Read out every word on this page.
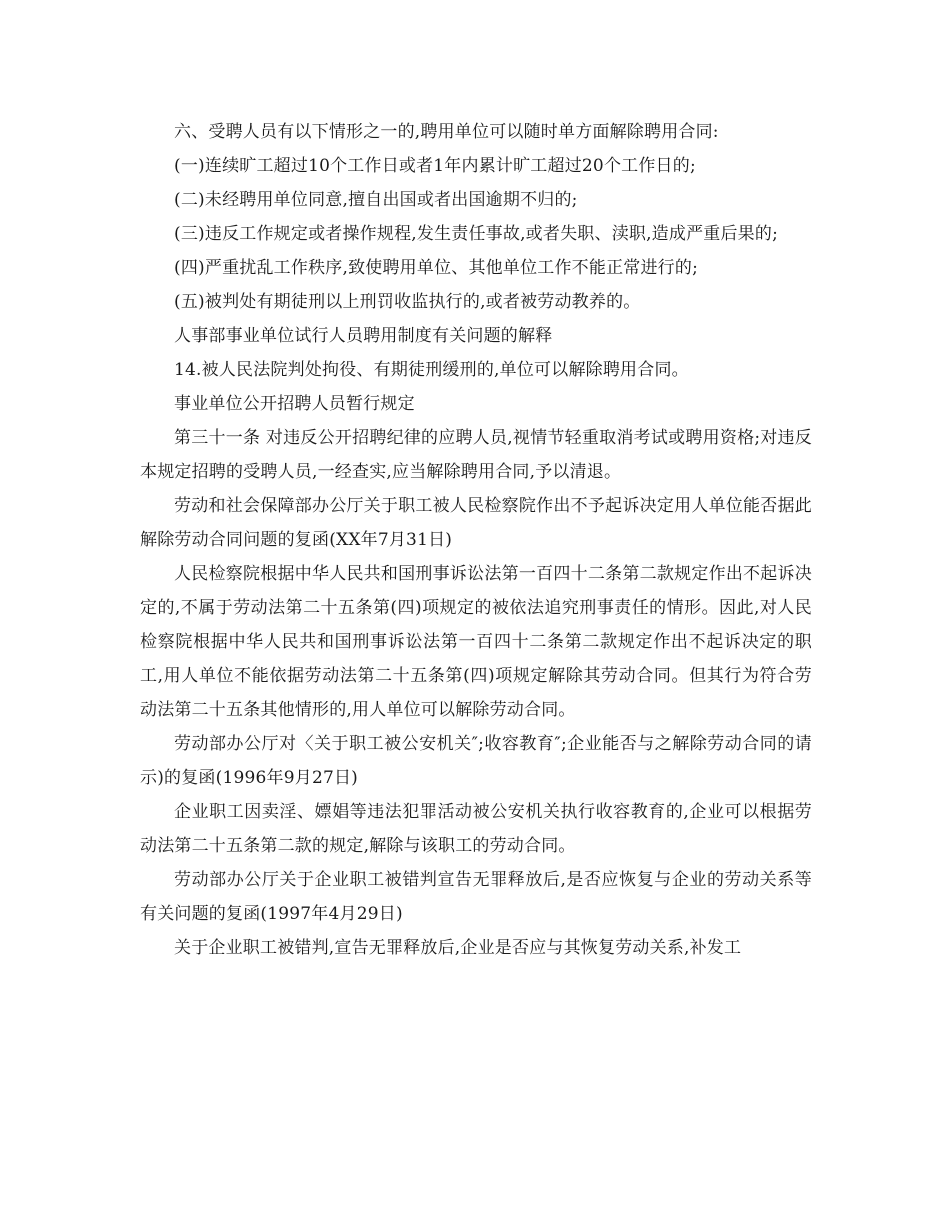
六、受聘人员有以下情形之一的,聘用单位可以随时单方面解除聘用合同:

(一)连续旷工超过10个工作日或者1年内累计旷工超过20个工作日的;

(二)未经聘用单位同意,擅自出国或者出国逾期不归的;

(三)违反工作规定或者操作规程,发生责任事故,或者失职、渎职,造成严重后果的;

(四)严重扰乱工作秩序,致使聘用单位、其他单位工作不能正常进行的;

(五)被判处有期徒刑以上刑罚收监执行的,或者被劳动教养的。

人事部事业单位试行人员聘用制度有关问题的解释

14.被人民法院判处拘役、有期徒刑缓刑的,单位可以解除聘用合同。

事业单位公开招聘人员暂行规定

第三十一条 对违反公开招聘纪律的应聘人员,视情节轻重取消考试或聘用资格;对违反本规定招聘的受聘人员,一经查实,应当解除聘用合同,予以清退。

劳动和社会保障部办公厅关于职工被人民检察院作出不予起诉决定用人单位能否据此解除劳动合同问题的复函(XX年7月31日)

人民检察院根据中华人民共和国刑事诉讼法第一百四十二条第二款规定作出不起诉决定的,不属于劳动法第二十五条第(四)项规定的被依法追究刑事责任的情形。因此,对人民检察院根据中华人民共和国刑事诉讼法第一百四十二条第二款规定作出不起诉决定的职工,用人单位不能依据劳动法第二十五条第(四)项规定解除其劳动合同。但其行为符合劳动法第二十五条其他情形的,用人单位可以解除劳动合同。

劳动部办公厅对〈关于职工被公安机关″;收容教育″;企业能否与之解除劳动合同的请示)的复函(1996年9月27日)

企业职工因卖淫、嫖娼等违法犯罪活动被公安机关执行收容教育的,企业可以根据劳动法第二十五条第二款的规定,解除与该职工的劳动合同。

劳动部办公厅关于企业职工被错判宣告无罪释放后,是否应恢复与企业的劳动关系等有关问题的复函(1997年4月29日)

关于企业职工被错判,宣告无罪释放后,企业是否应与其恢复劳动关系,补发工
